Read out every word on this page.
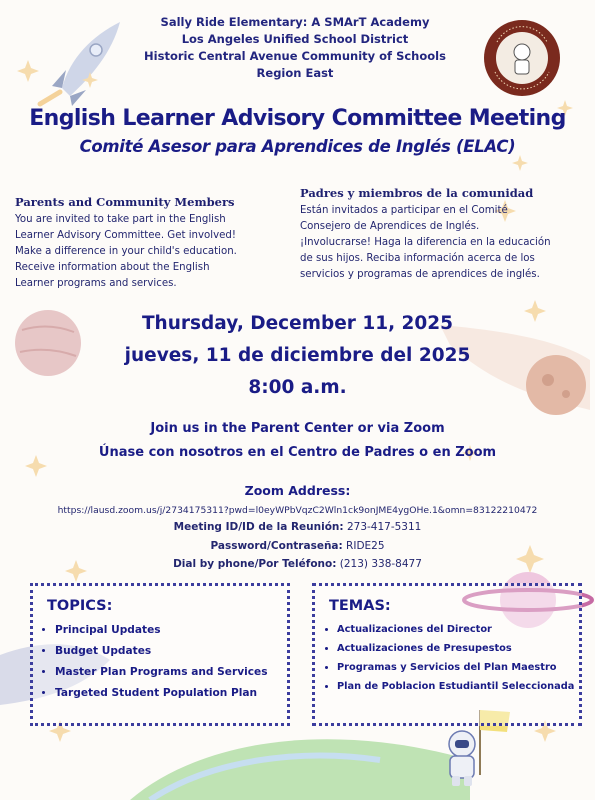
Sally Ride Elementary: A SMArT Academy
Los Angeles Unified School District
Historic Central Avenue Community of Schools
Region East
English Learner Advisory Committee Meeting
Comité Asesor para Aprendices de Inglés (ELAC)
Parents and Community Members
You are invited to take part in the English
Learner Advisory Committee. Get involved!
Make a difference in your child's education.
Receive information about the English
Learner programs and services.
Padres y miembros de la comunidad
Están invitados a participar en el Comité
Consejero de Aprendices de Inglés.
¡Involucrarse! Haga la diferencia en la educación
de sus hijos. Reciba información acerca de los
servicios y programas de aprendices de inglés.
Thursday, December 11, 2025
jueves, 11 de diciembre del 2025
8:00 a.m.
Join us in the Parent Center or via Zoom
Únase con nosotros en el Centro de Padres o en Zoom
Zoom Address:
https://lausd.zoom.us/j/2734175311?pwd=l0eyWPbVqzC2Wln1ck9onJME4ygOHe.1&omn=83122210472
Meeting ID/ID de la Reunión: 273-417-5311
Password/Contraseña: RIDE25
Dial by phone/Por Teléfono: (213) 338-8477
TOPICS:
• Principal Updates
• Budget Updates
• Master Plan Programs and Services
• Targeted Student Population Plan
TEMAS:
• Actualizaciones del Director
• Actualizaciones de Presupestos
• Programas y Servicios del Plan Maestro
• Plan de Poblacion Estudiantil Seleccionada
